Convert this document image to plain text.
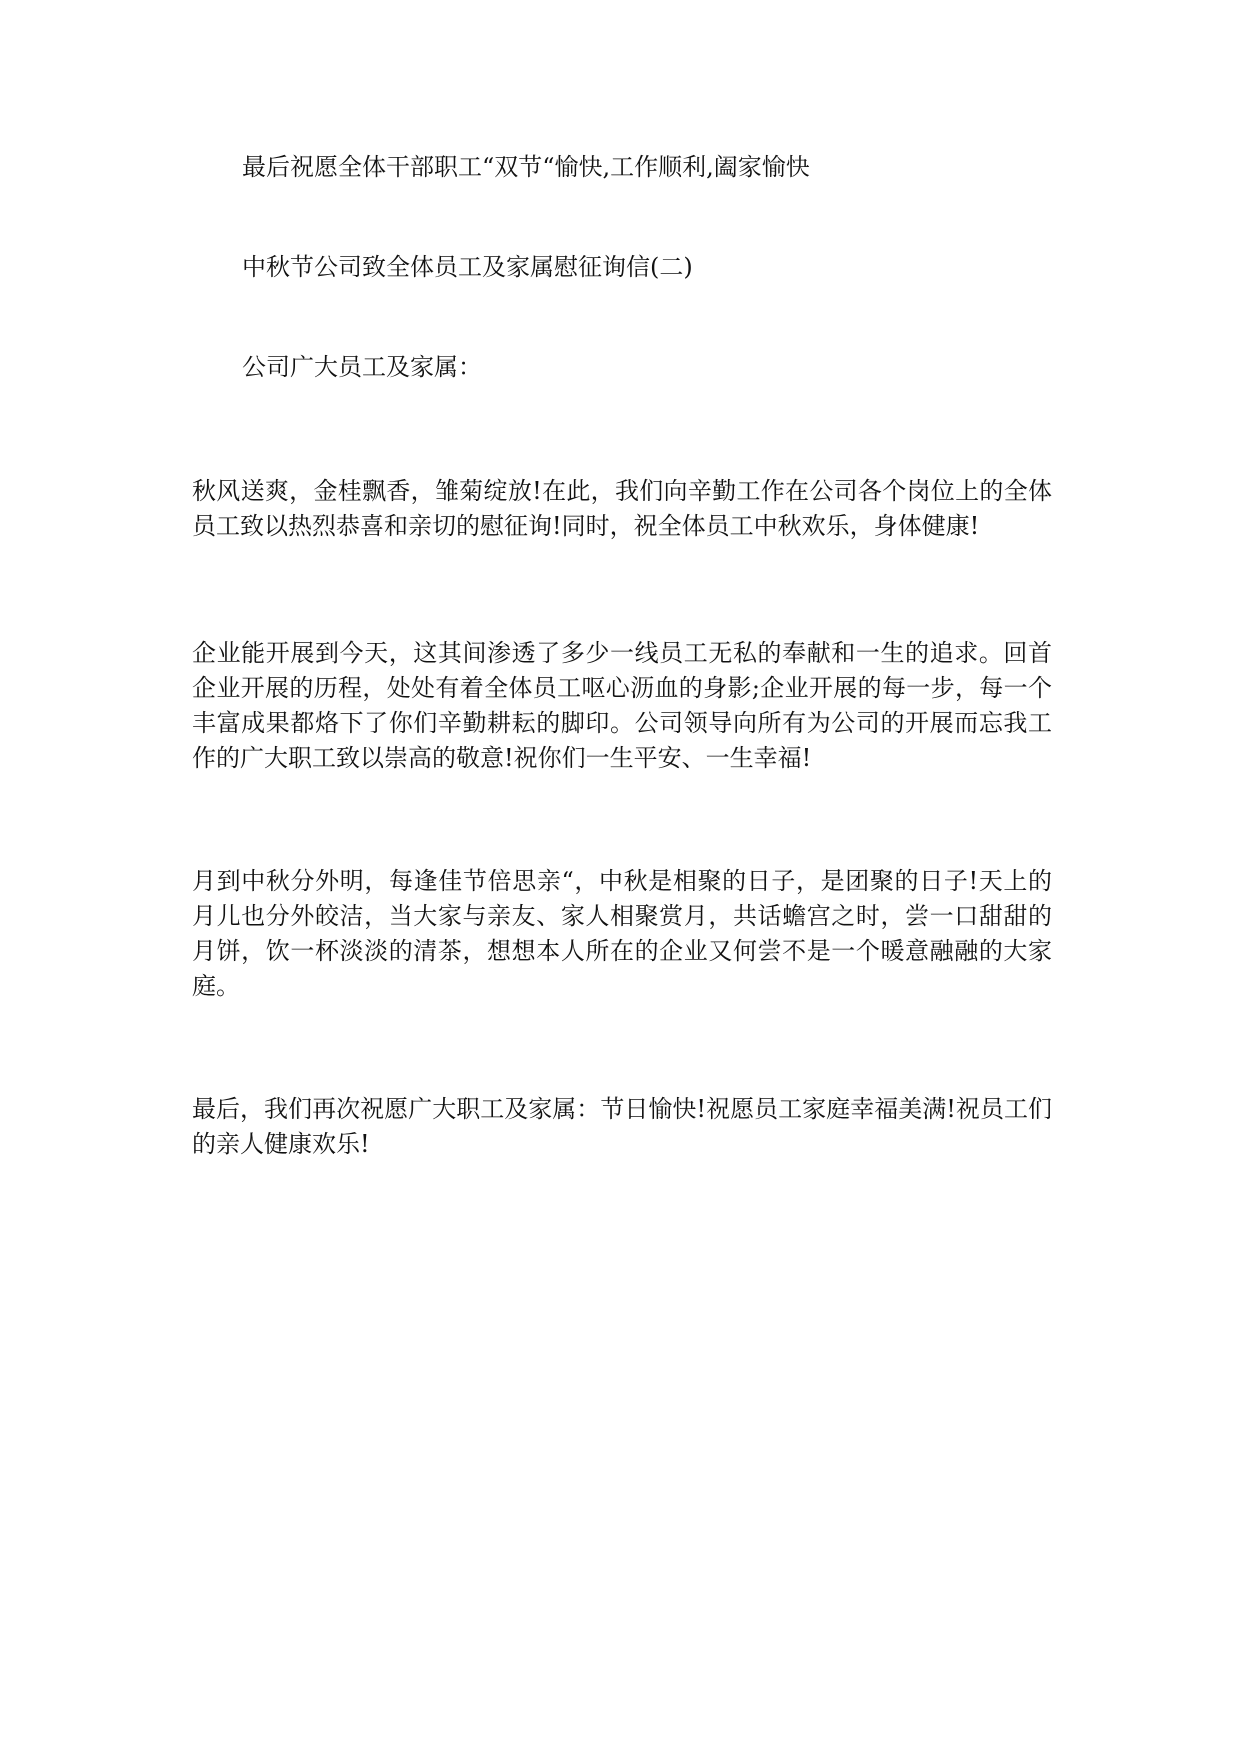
最后祝愿全体干部职工“双节“愉快,工作顺利,阖家愉快

中秋节公司致全体员工及家属慰征询信(二)

公司广大员工及家属：

秋风送爽，金桂飘香，雏菊绽放!在此，我们向辛勤工作在公司各个岗位上的全体员工致以热烈恭喜和亲切的慰征询!同时，祝全体员工中秋欢乐，身体健康!

企业能开展到今天，这其间渗透了多少一线员工无私的奉献和一生的追求。回首企业开展的历程，处处有着全体员工呕心沥血的身影;企业开展的每一步，每一个丰富成果都烙下了你们辛勤耕耘的脚印。公司领导向所有为公司的开展而忘我工作的广大职工致以崇高的敬意!祝你们一生平安、一生幸福!

月到中秋分外明，每逢佳节倍思亲“，中秋是相聚的日子，是团聚的日子!天上的月儿也分外皎洁，当大家与亲友、家人相聚赏月，共话蟾宫之时，尝一口甜甜的月饼，饮一杯淡淡的清茶，想想本人所在的企业又何尝不是一个暖意融融的大家庭。

最后，我们再次祝愿广大职工及家属：节日愉快!祝愿员工家庭幸福美满!祝员工们的亲人健康欢乐!
